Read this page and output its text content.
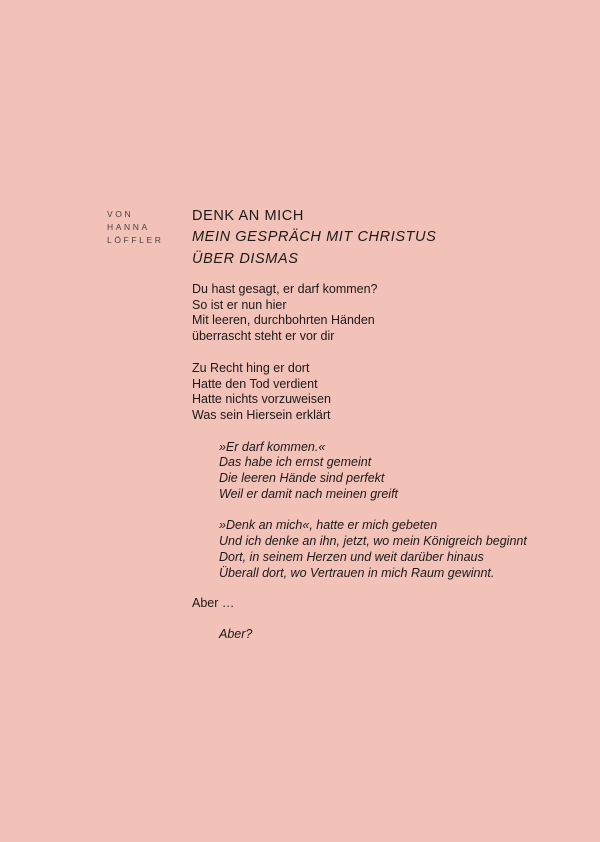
VON
HANNA
LÖFFLER
DENK AN MICH
MEIN GESPRÄCH MIT CHRISTUS
ÜBER DISMAS
Du hast gesagt, er darf kommen?
So ist er nun hier
Mit leeren, durchbohrten Händen
überrascht steht er vor dir
Zu Recht hing er dort
Hatte den Tod verdient
Hatte nichts vorzuweisen
Was sein Hiersein erklärt
»Er darf kommen.«
Das habe ich ernst gemeint
Die leeren Hände sind perfekt
Weil er damit nach meinen greift
»Denk an mich«, hatte er mich gebeten
Und ich denke an ihn, jetzt, wo mein Königreich beginnt
Dort, in seinem Herzen und weit darüber hinaus
Überall dort, wo Vertrauen in mich Raum gewinnt.
Aber …
Aber?
